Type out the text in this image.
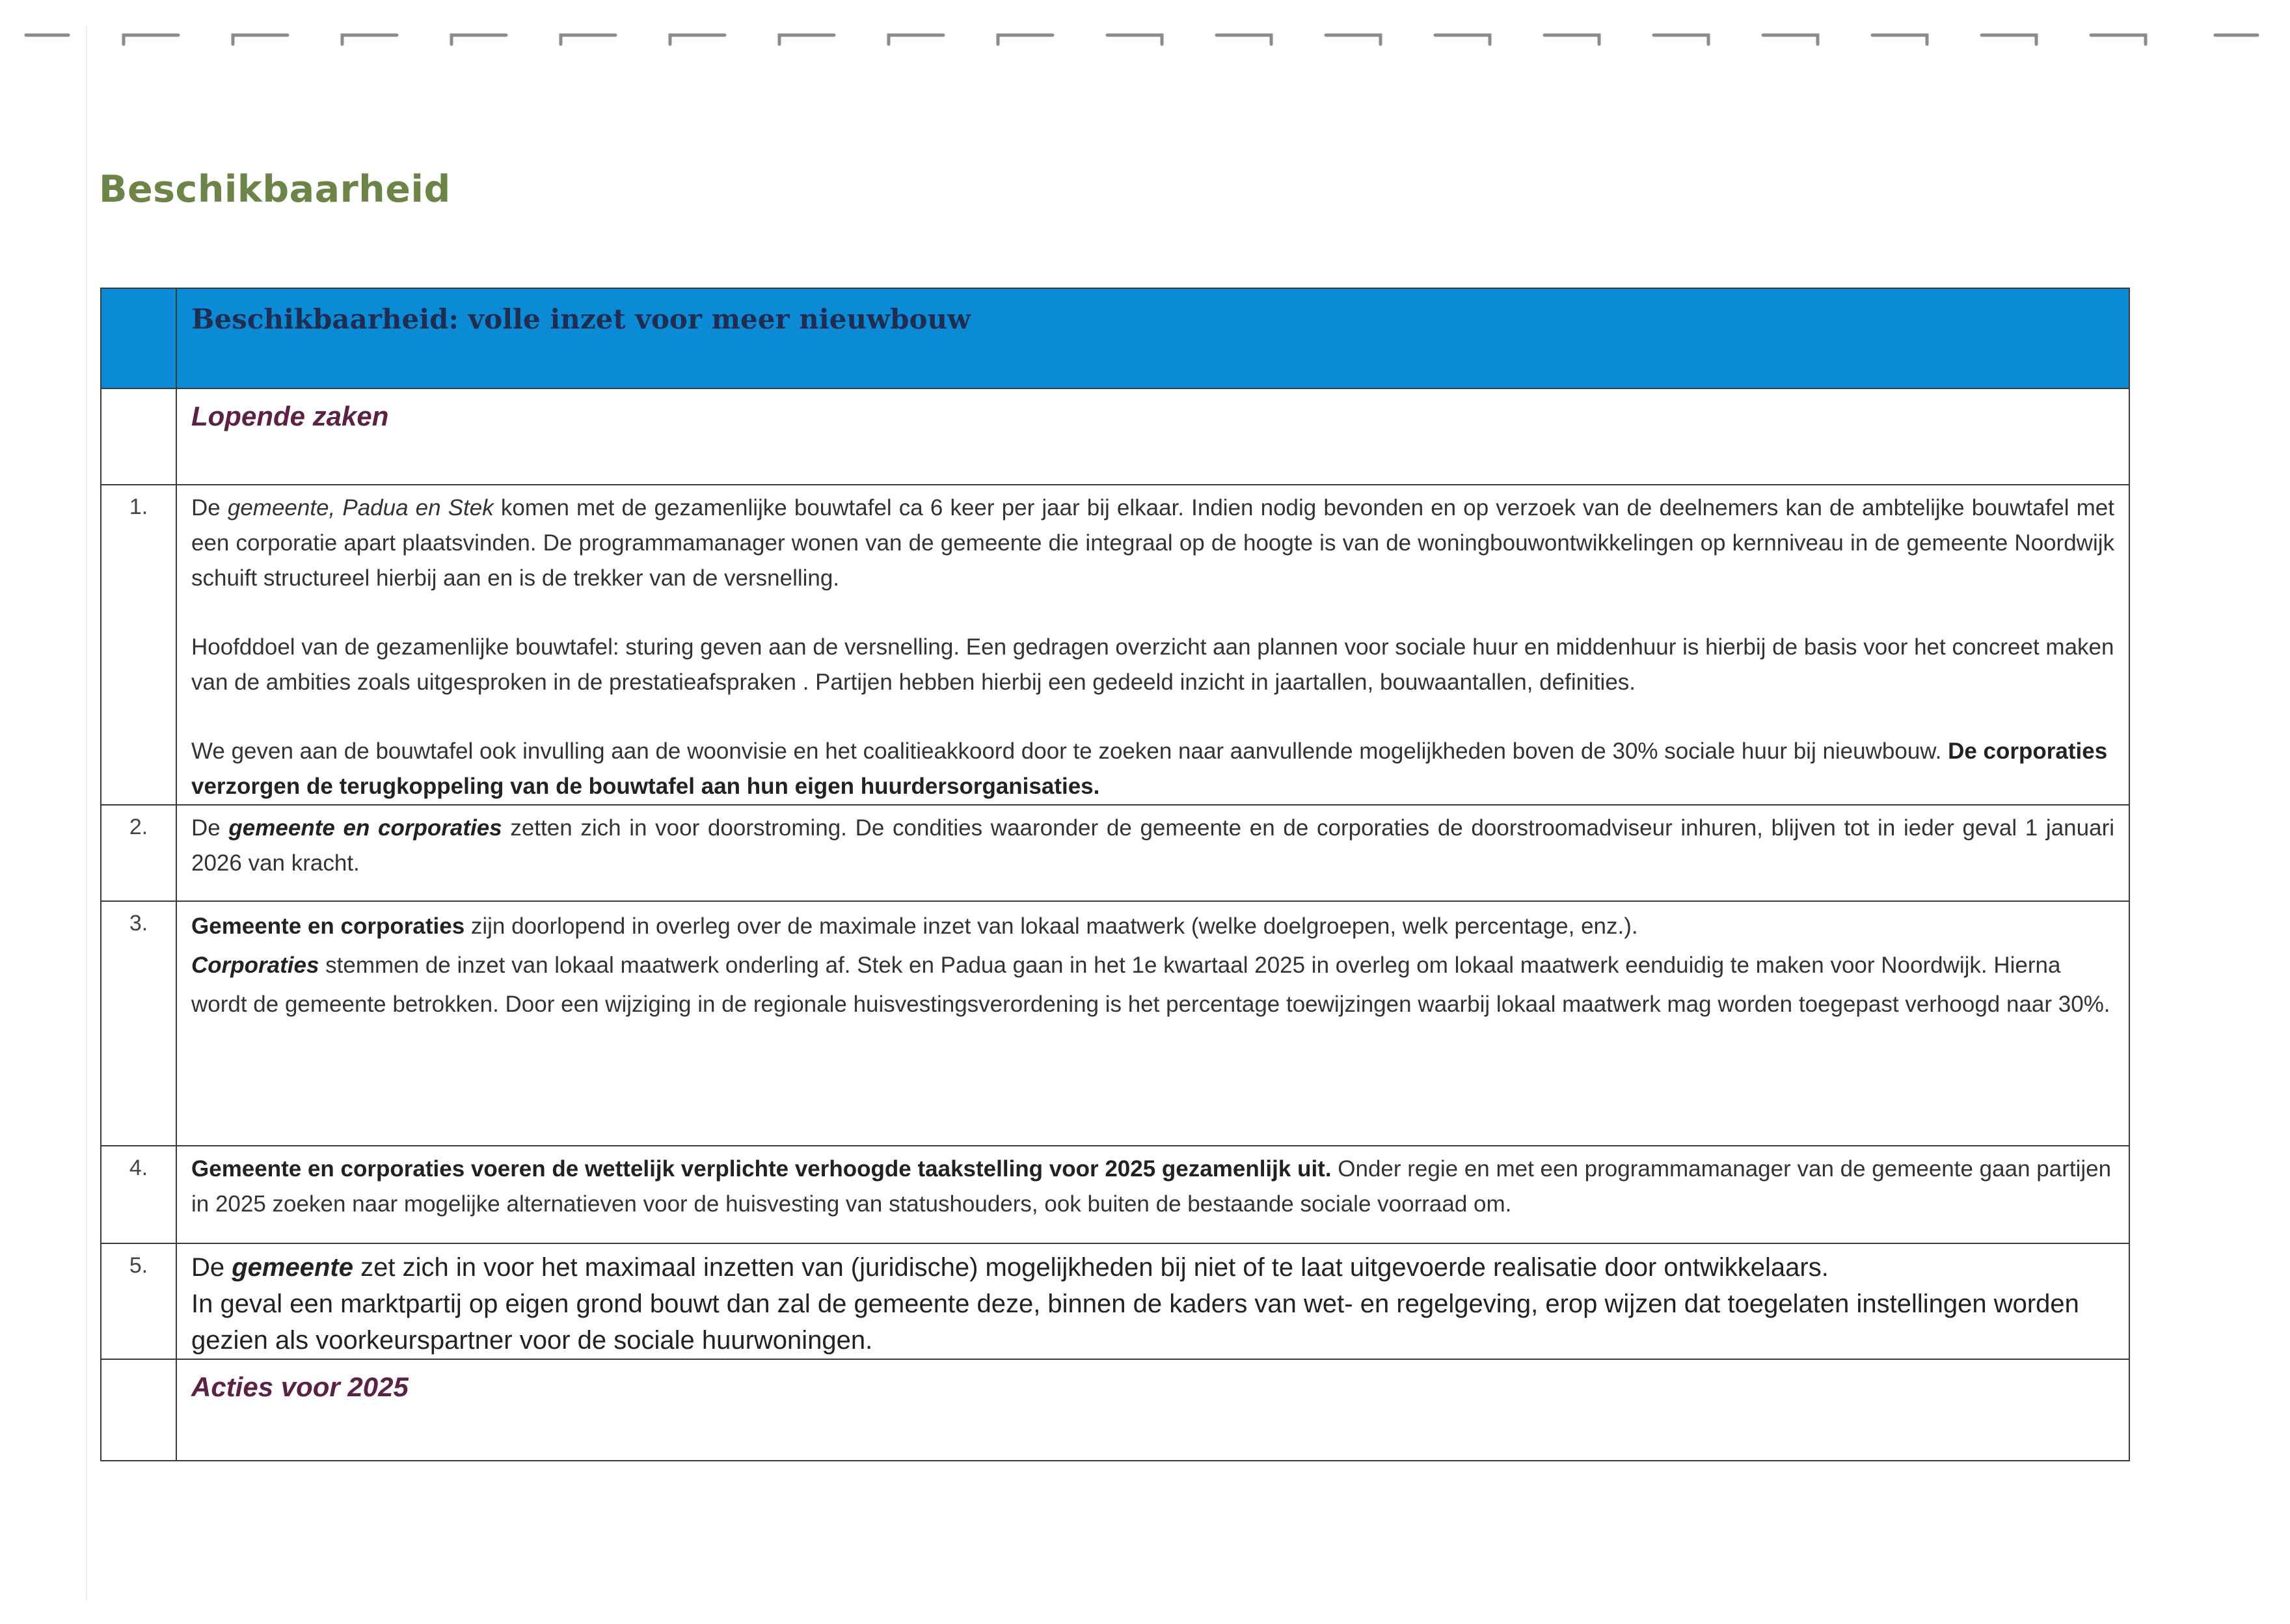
Beschikbaarheid

	Beschikbaarheid: volle inzet voor meer nieuwbouw

	Lopende zaken

1.	De gemeente, Padua en Stek komen met de gezamenlijke bouwtafel ca 6 keer per jaar bij elkaar. Indien nodig bevonden en op verzoek van de deelnemers kan de ambtelijke bouwtafel met een corporatie apart plaatsvinden. De programmamanager wonen van de gemeente die integraal op de hoogte is van de woningbouwontwikkelingen op kernniveau in de gemeente Noordwijk schuift structureel hierbij aan en is de trekker van de versnelling.

Hoofddoel van de gezamenlijke bouwtafel: sturing geven aan de versnelling. Een gedragen overzicht aan plannen voor sociale huur en middenhuur is hierbij de basis voor het concreet maken van de ambities zoals uitgesproken in de prestatieafspraken . Partijen hebben hierbij een gedeeld inzicht in jaartallen, bouwaantallen, definities.

We geven aan de bouwtafel ook invulling aan de woonvisie en het coalitieakkoord door te zoeken naar aanvullende mogelijkheden boven de 30% sociale huur bij nieuwbouw. De corporaties verzorgen de terugkoppeling van de bouwtafel aan hun eigen huurdersorganisaties.

2.	De gemeente en corporaties zetten zich in voor doorstroming. De condities waaronder de gemeente en de corporaties de doorstroomadviseur inhuren, blijven tot in ieder geval 1 januari 2026 van kracht.

3.	Gemeente en corporaties zijn doorlopend in overleg over de maximale inzet van lokaal maatwerk (welke doelgroepen, welk percentage, enz.).

Corporaties stemmen de inzet van lokaal maatwerk onderling af. Stek en Padua gaan in het 1e kwartaal 2025 in overleg om lokaal maatwerk eenduidig te maken voor Noordwijk. Hierna wordt de gemeente betrokken. Door een wijziging in de regionale huisvestingsverordening is het percentage toewijzingen waarbij lokaal maatwerk mag worden toegepast verhoogd naar 30%.

4.	Gemeente en corporaties voeren de wettelijk verplichte verhoogde taakstelling voor 2025 gezamenlijk uit. Onder regie en met een programmamanager van de gemeente gaan partijen in 2025 zoeken naar mogelijke alternatieven voor de huisvesting van statushouders, ook buiten de bestaande sociale voorraad om.

5.	De gemeente zet zich in voor het maximaal inzetten van (juridische) mogelijkheden bij niet of te laat uitgevoerde realisatie door ontwikkelaars.

In geval een marktpartij op eigen grond bouwt dan zal de gemeente deze, binnen de kaders van wet- en regelgeving, erop wijzen dat toegelaten instellingen worden gezien als voorkeurspartner voor de sociale huurwoningen.

	Acties voor 2025
